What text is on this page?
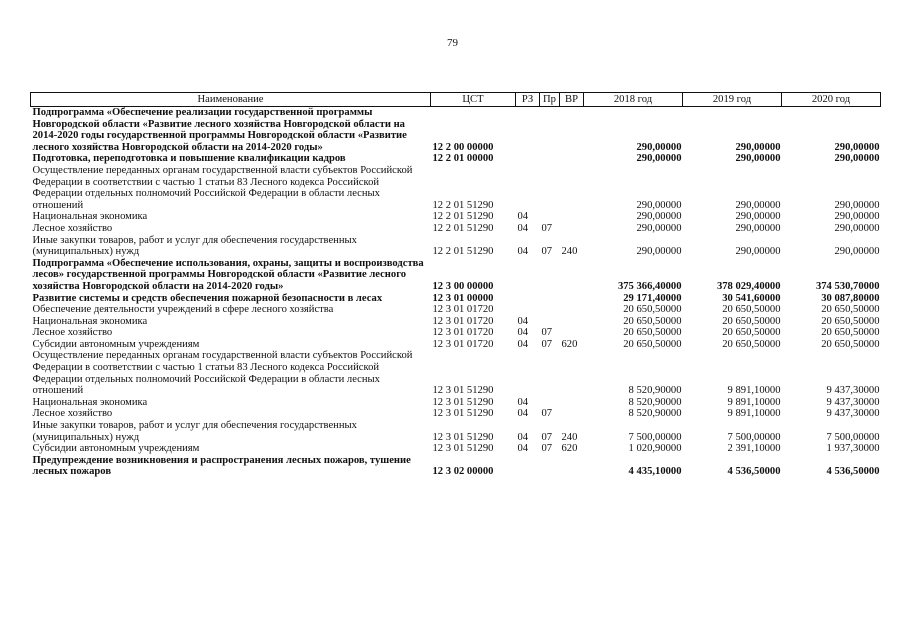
79
Наименование	ЦСТ	РЗ	Пр	ВР	2018 год	2019 год	2020 год
Подпрограмма «Обеспечение реализации государственной программы Новгородской области «Развитие лесного хозяйства Новгородской области на 2014-2020 годы государственной программы Новгородской области «Развитие лесного хозяйства Новгородской области на 2014-2020 годы»	12 2 00 00000				290,00000	290,00000	290,00000
Подготовка, переподготовка и повышение квалификации кадров	12 2 01 00000				290,00000	290,00000	290,00000
Осуществление переданных органам государственной власти субъектов Российской Федерации в соответствии с частью 1 статьи 83 Лесного кодекса Российской Федерации отдельных полномочий Российской Федерации в области лесных отношений	12 2 01 51290				290,00000	290,00000	290,00000
Национальная экономика	12 2 01 51290	04			290,00000	290,00000	290,00000
Лесное хозяйство	12 2 01 51290	04	07		290,00000	290,00000	290,00000
Иные закупки товаров, работ и услуг для обеспечения государственных (муниципальных) нужд	12 2 01 51290	04	07	240	290,00000	290,00000	290,00000
Подпрограмма «Обеспечение использования, охраны, защиты и воспроизводства лесов» государственной программы Новгородской области «Развитие лесного хозяйства Новгородской области на 2014-2020 годы»	12 3 00 00000				375 366,40000	378 029,40000	374 530,70000
Развитие системы и средств обеспечения пожарной безопасности в лесах	12 3 01 00000				29 171,40000	30 541,60000	30 087,80000
Обеспечение деятельности учреждений в сфере лесного хозяйства	12 3 01 01720				20 650,50000	20 650,50000	20 650,50000
Национальная экономика	12 3 01 01720	04			20 650,50000	20 650,50000	20 650,50000
Лесное хозяйство	12 3 01 01720	04	07		20 650,50000	20 650,50000	20 650,50000
Субсидии автономным учреждениям	12 3 01 01720	04	07	620	20 650,50000	20 650,50000	20 650,50000
Осуществление переданных органам государственной власти субъектов Российской Федерации в соответствии с частью 1 статьи 83 Лесного кодекса Российской Федерации отдельных полномочий Российской Федерации в области лесных отношений	12 3 01 51290				8 520,90000	9 891,10000	9 437,30000
Национальная экономика	12 3 01 51290	04			8 520,90000	9 891,10000	9 437,30000
Лесное хозяйство	12 3 01 51290	04	07		8 520,90000	9 891,10000	9 437,30000
Иные закупки товаров, работ и услуг для обеспечения государственных (муниципальных) нужд	12 3 01 51290	04	07	240	7 500,00000	7 500,00000	7 500,00000
Субсидии автономным учреждениям	12 3 01 51290	04	07	620	1 020,90000	2 391,10000	1 937,30000
Предупреждение возникновения и распространения лесных пожаров, тушение лесных пожаров	12 3 02 00000				4 435,10000	4 536,50000	4 536,50000
